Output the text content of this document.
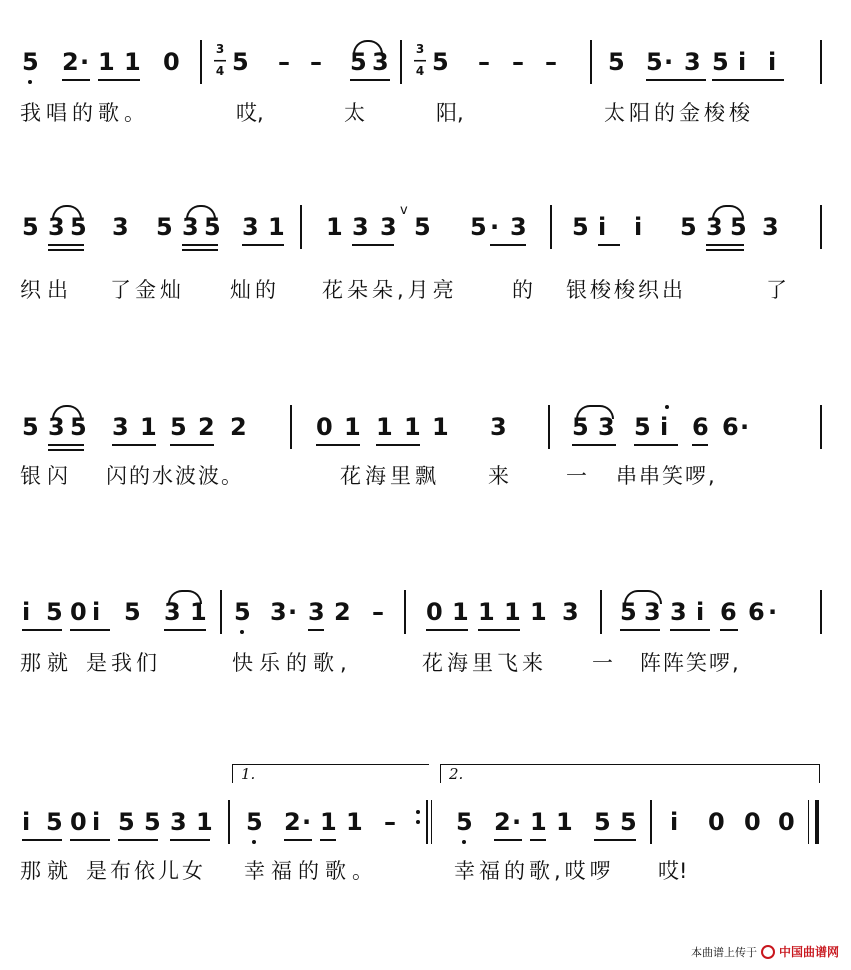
5 2 · 1 1 0	3
―
4 5 – – 5 3 3
―
4 5 – – – 5 5 · 3 5 i i
我唱的歌。	哎,	太	阳,	太阳的金梭梭
5 3 5 3 5 3 5 3 1 1 3 3
v
5 5 · 3 5 i i 5 3 5 3
织出 了金灿 灿的 花朵朵,月亮	的 银梭梭织出	了
5 3 5 3 1 5 2 2	0 1 1 1 1 3	5 3 5 i 6 6 ·
银闪 闪的水波波。	花海里飘 来	一 串串笑啰,
i 5 0 i 5 3 1 5 3 · 3 2 – 0 1 1 1 1 3 5 3 3 i 6 6 ·
那就 是我们	快乐的歌,	花海里飞来 一 阵阵笑啰,
1.	2.
i 5 0 i 5 5 3 1 5 2 · 1 1 –	5 2 · 1 1 5 5 i 0 0 0
那就 是布依儿女 幸福的歌。	幸福的歌,哎啰 哎!
本曲谱上传于 中国曲谱网
